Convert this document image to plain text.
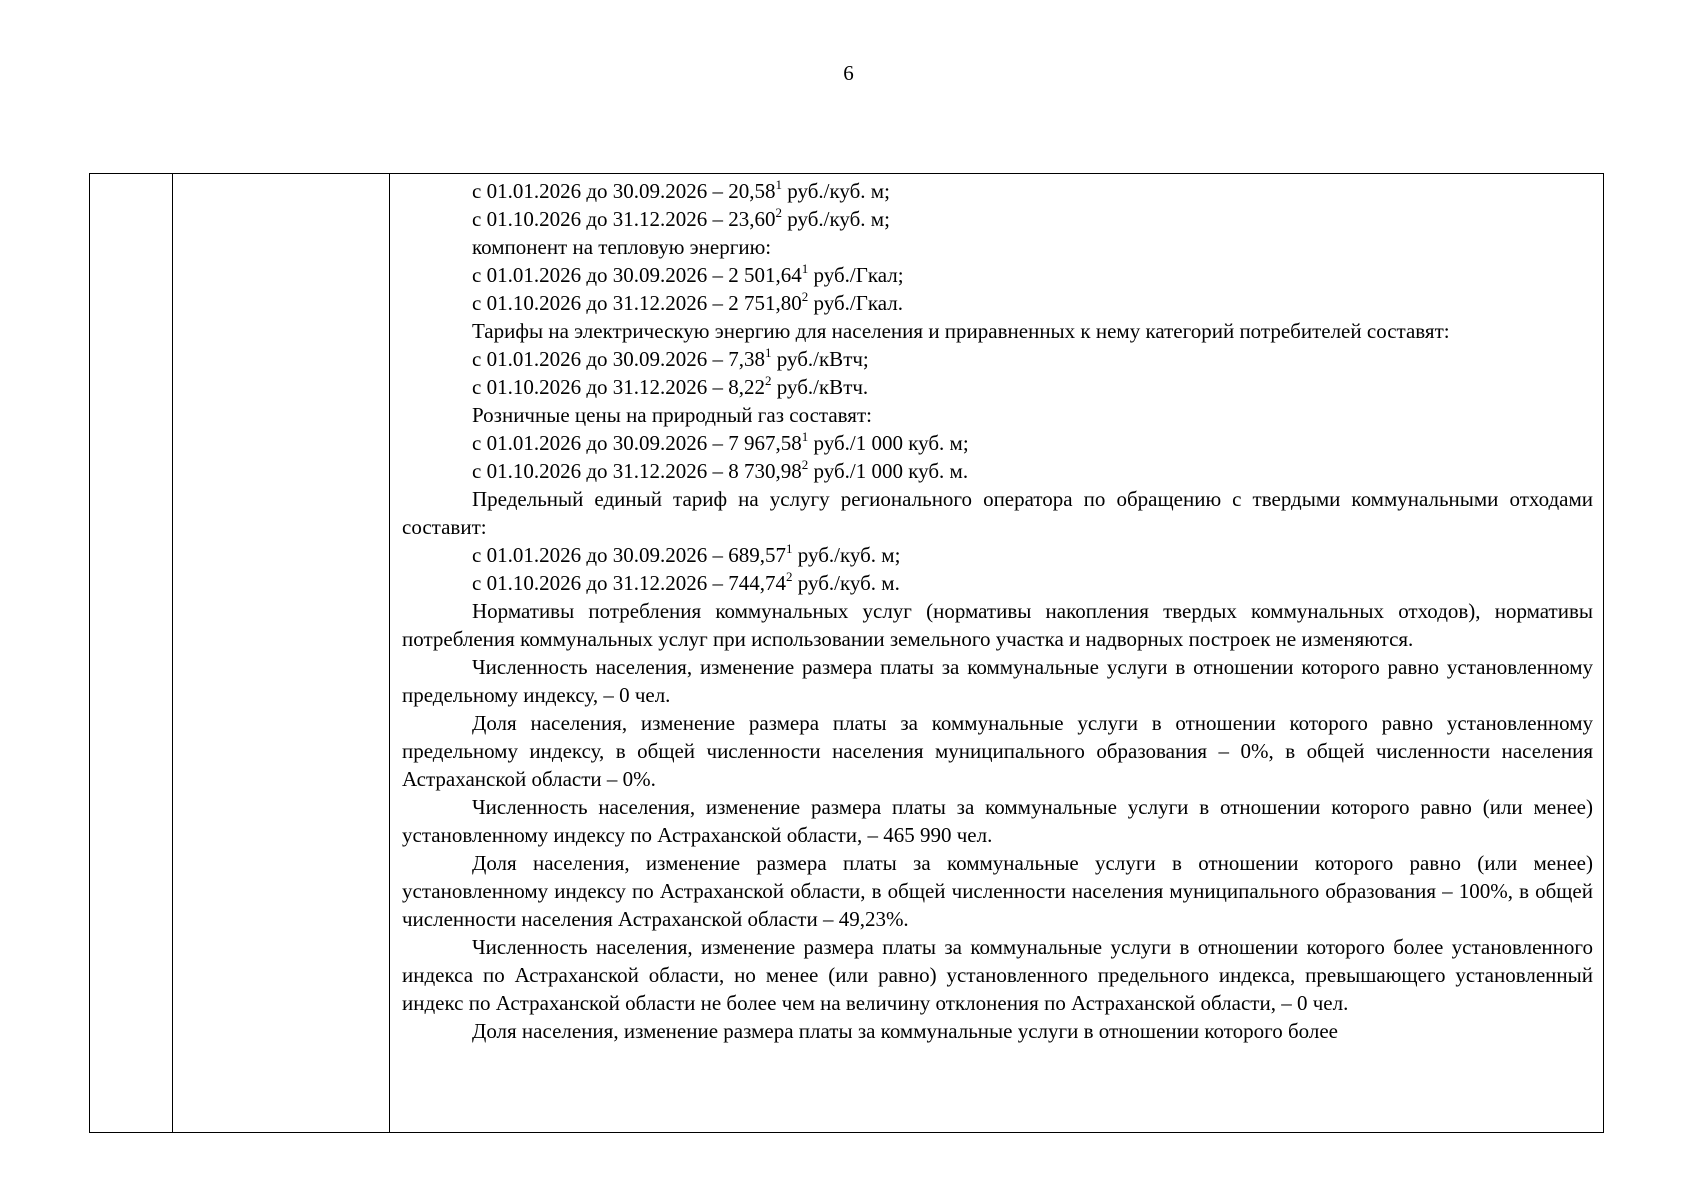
6

с 01.01.2026 до 30.09.2026 – 20,58$^1$ руб./куб. м;

с 01.10.2026 до 31.12.2026 – 23,60$^2$ руб./куб. м;

компонент на тепловую энергию:

с 01.01.2026 до 30.09.2026 – 2 501,64$^1$ руб./Гкал;

с 01.10.2026 до 31.12.2026 – 2 751,80$^2$ руб./Гкал.

Тарифы на электрическую энергию для населения и приравненных к нему категорий потребителей составят:

с 01.01.2026 до 30.09.2026 – 7,38$^1$ руб./кВтч;

с 01.10.2026 до 31.12.2026 – 8,22$^2$ руб./кВтч.

Розничные цены на природный газ составят:

с 01.01.2026 до 30.09.2026 – 7 967,58$^1$ руб./1 000 куб. м;

с 01.10.2026 до 31.12.2026 – 8 730,98$^2$ руб./1 000 куб. м.

Предельный единый тариф на услугу регионального оператора по обращению с твердыми коммунальными отходами составит:

с 01.01.2026 до 30.09.2026 – 689,57$^1$ руб./куб. м;

с 01.10.2026 до 31.12.2026 – 744,74$^2$ руб./куб. м.

Нормативы потребления коммунальных услуг (нормативы накопления твердых коммунальных отходов), нормативы потребления коммунальных услуг при использовании земельного участка и надворных построек не изменяются.

Численность населения, изменение размера платы за коммунальные услуги в отношении которого равно установленному предельному индексу, – 0 чел.

Доля населения, изменение размера платы за коммунальные услуги в отношении которого равно установленному предельному индексу, в общей численности населения муниципального образования – 0%, в общей численности населения Астраханской области – 0%.

Численность населения, изменение размера платы за коммунальные услуги в отношении которого равно (или менее) установленному индексу по Астраханской области, – 465 990 чел.

Доля населения, изменение размера платы за коммунальные услуги в отношении которого равно (или менее) установленному индексу по Астраханской области, в общей численности населения муниципального образования – 100%, в общей численности населения Астраханской области – 49,23%.

Численность населения, изменение размера платы за коммунальные услуги в отношении которого более установленного индекса по Астраханской области, но менее (или равно) установленного предельного индекса, превышающего установленный индекс по Астраханской области не более чем на величину отклонения по Астраханской области, – 0 чел.

Доля населения, изменение размера платы за коммунальные услуги в отношении которого более
